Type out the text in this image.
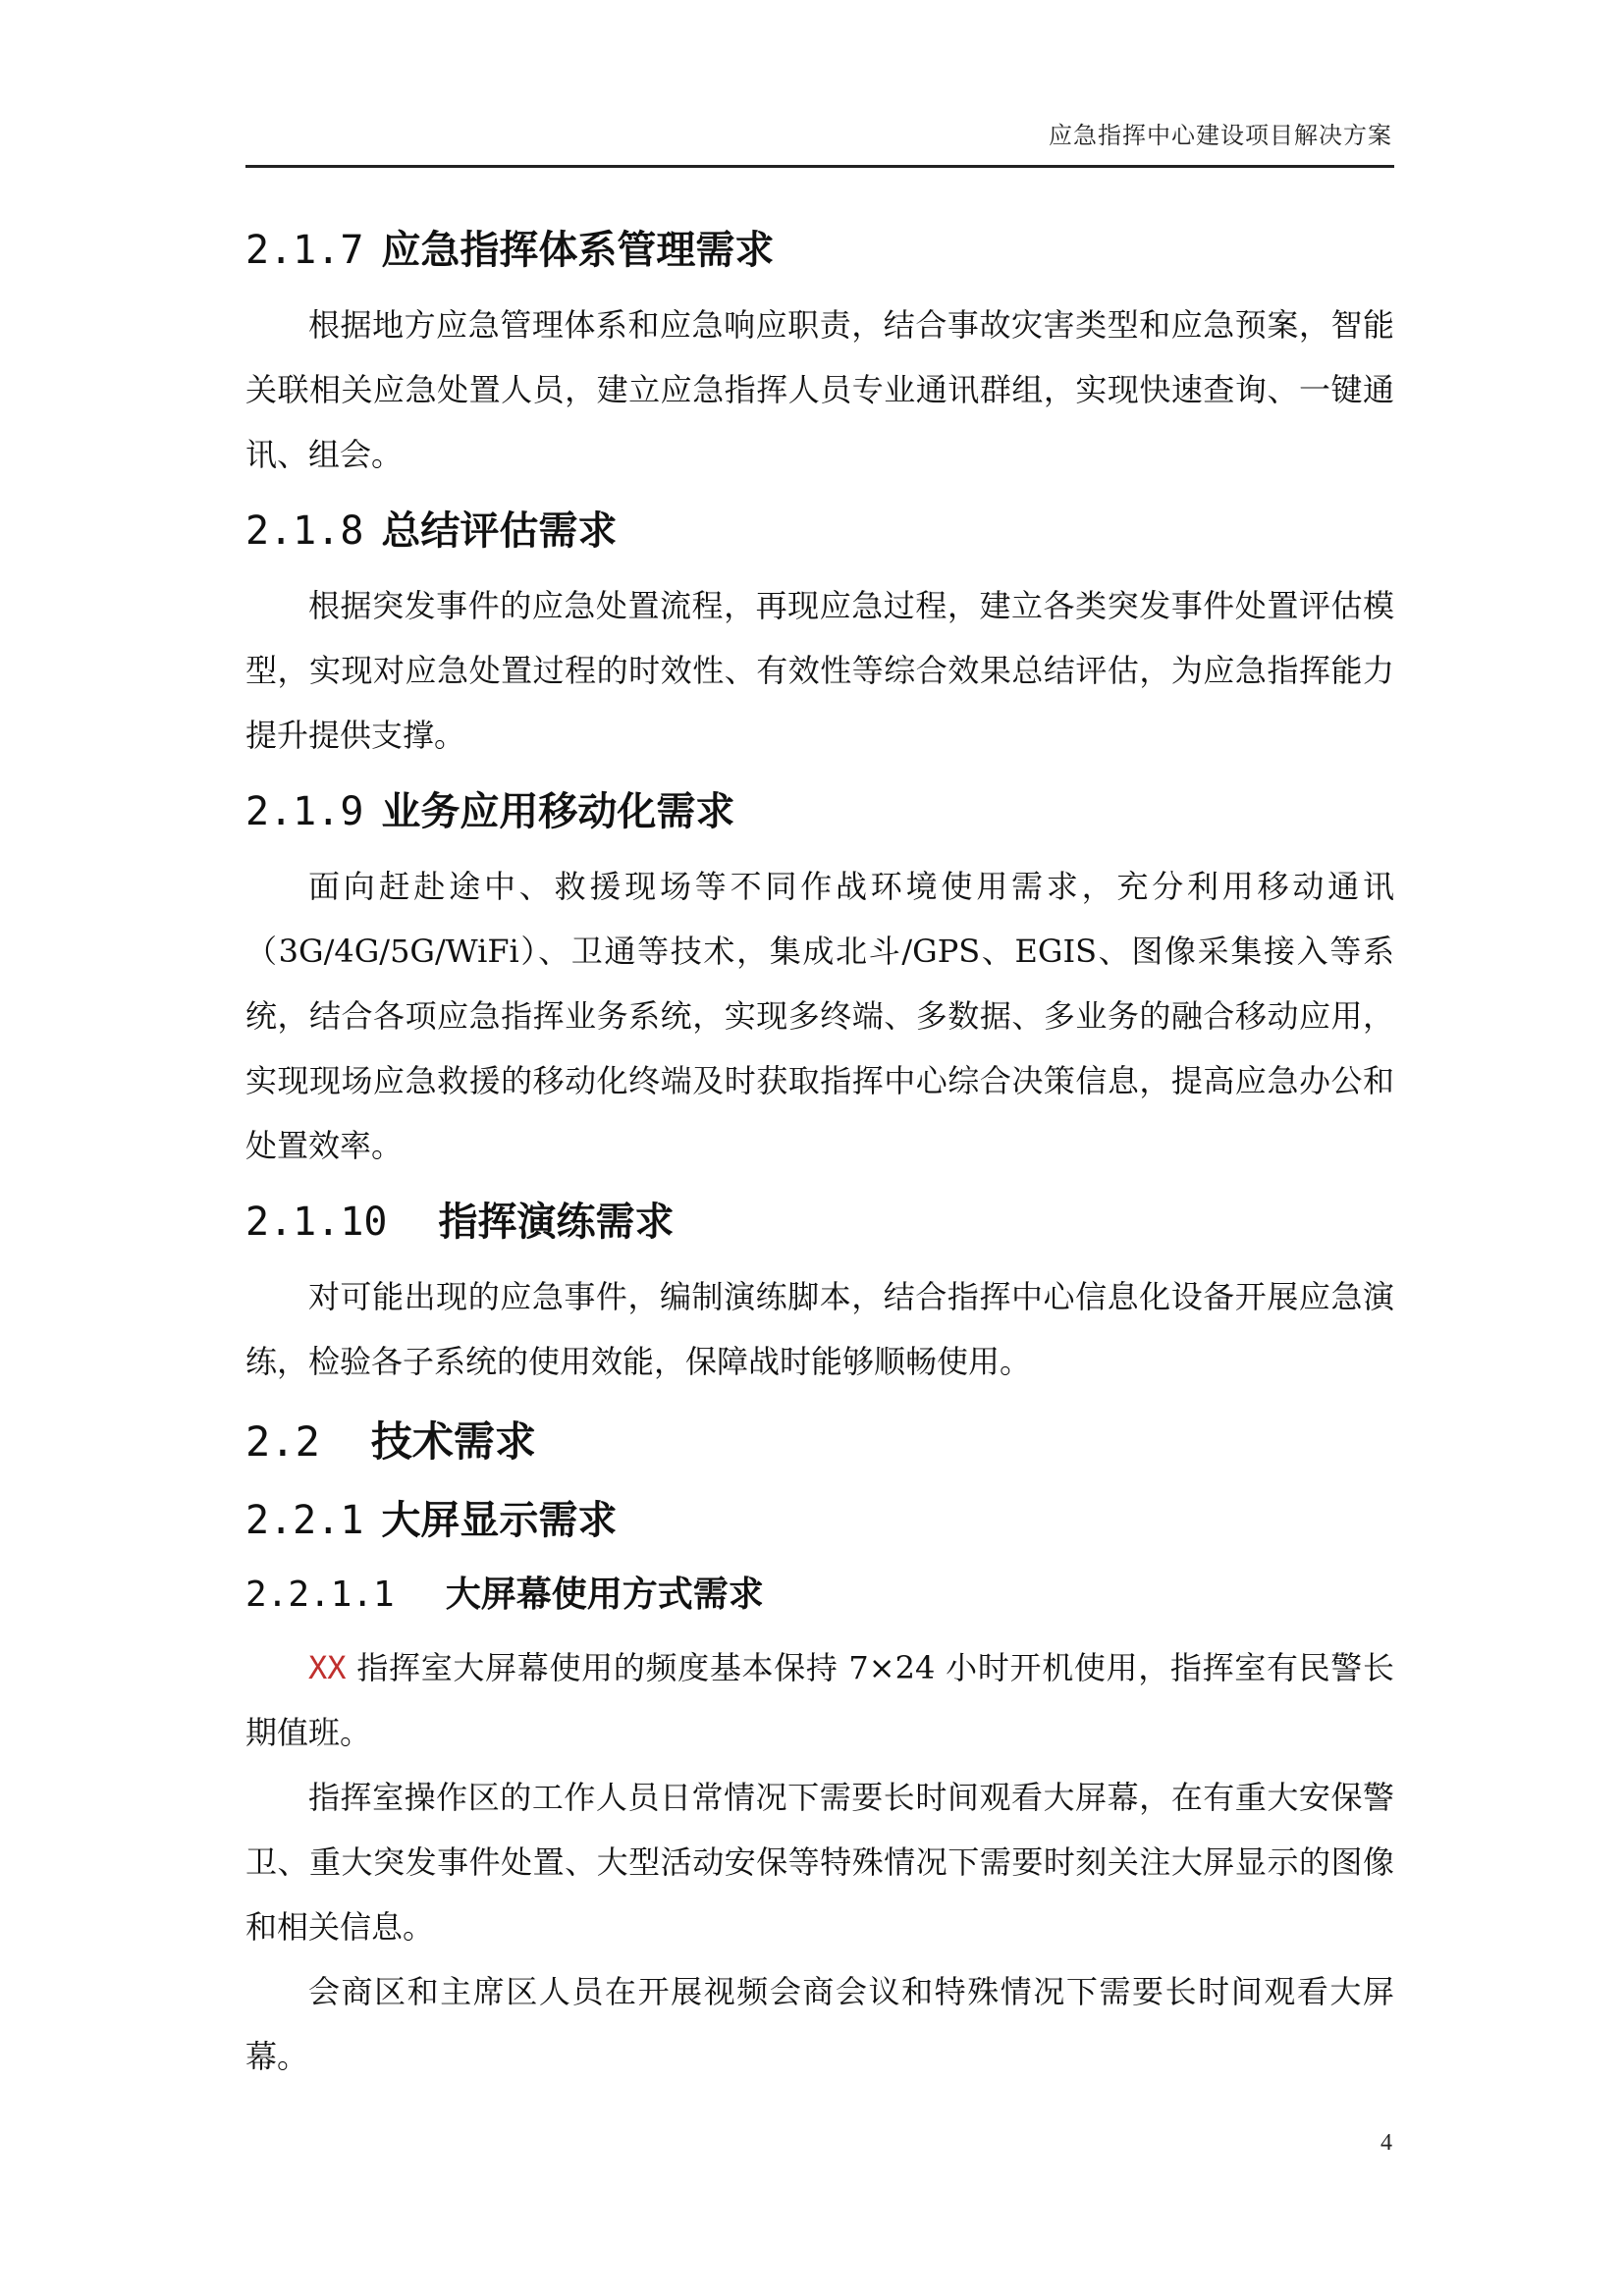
应急指挥中心建设项目解决方案
2.1.7 应急指挥体系管理需求

根据地方应急管理体系和应急响应职责，结合事故灾害类型和应急预案，智能关联相关应急处置人员，建立应急指挥人员专业通讯群组，实现快速查询、一键通讯、组会。

2.1.8 总结评估需求

根据突发事件的应急处置流程，再现应急过程，建立各类突发事件处置评估模型，实现对应急处置过程的时效性、有效性等综合效果总结评估，为应急指挥能力提升提供支撑。

2.1.9 业务应用移动化需求

面向赶赴途中、救援现场等不同作战环境使用需求，充分利用移动通讯（3G/4G/5G/WiFi）、卫通等技术，集成北斗/GPS、EGIS、图像采集接入等系统，结合各项应急指挥业务系统，实现多终端、多数据、多业务的融合移动应用，实现现场应急救援的移动化终端及时获取指挥中心综合决策信息，提高应急办公和处置效率。

2.1.10 指挥演练需求

对可能出现的应急事件，编制演练脚本，结合指挥中心信息化设备开展应急演练，检验各子系统的使用效能，保障战时能够顺畅使用。

2.2 技术需求
2.2.1 大屏显示需求
2.2.1.1 大屏幕使用方式需求

XX 指挥室大屏幕使用的频度基本保持 7×24 小时开机使用，指挥室有民警长期值班。

指挥室操作区的工作人员日常情况下需要长时间观看大屏幕，在有重大安保警卫、重大突发事件处置、大型活动安保等特殊情况下需要时刻关注大屏显示的图像和相关信息。

会商区和主席区人员在开展视频会商会议和特殊情况下需要长时间观看大屏幕。

4
